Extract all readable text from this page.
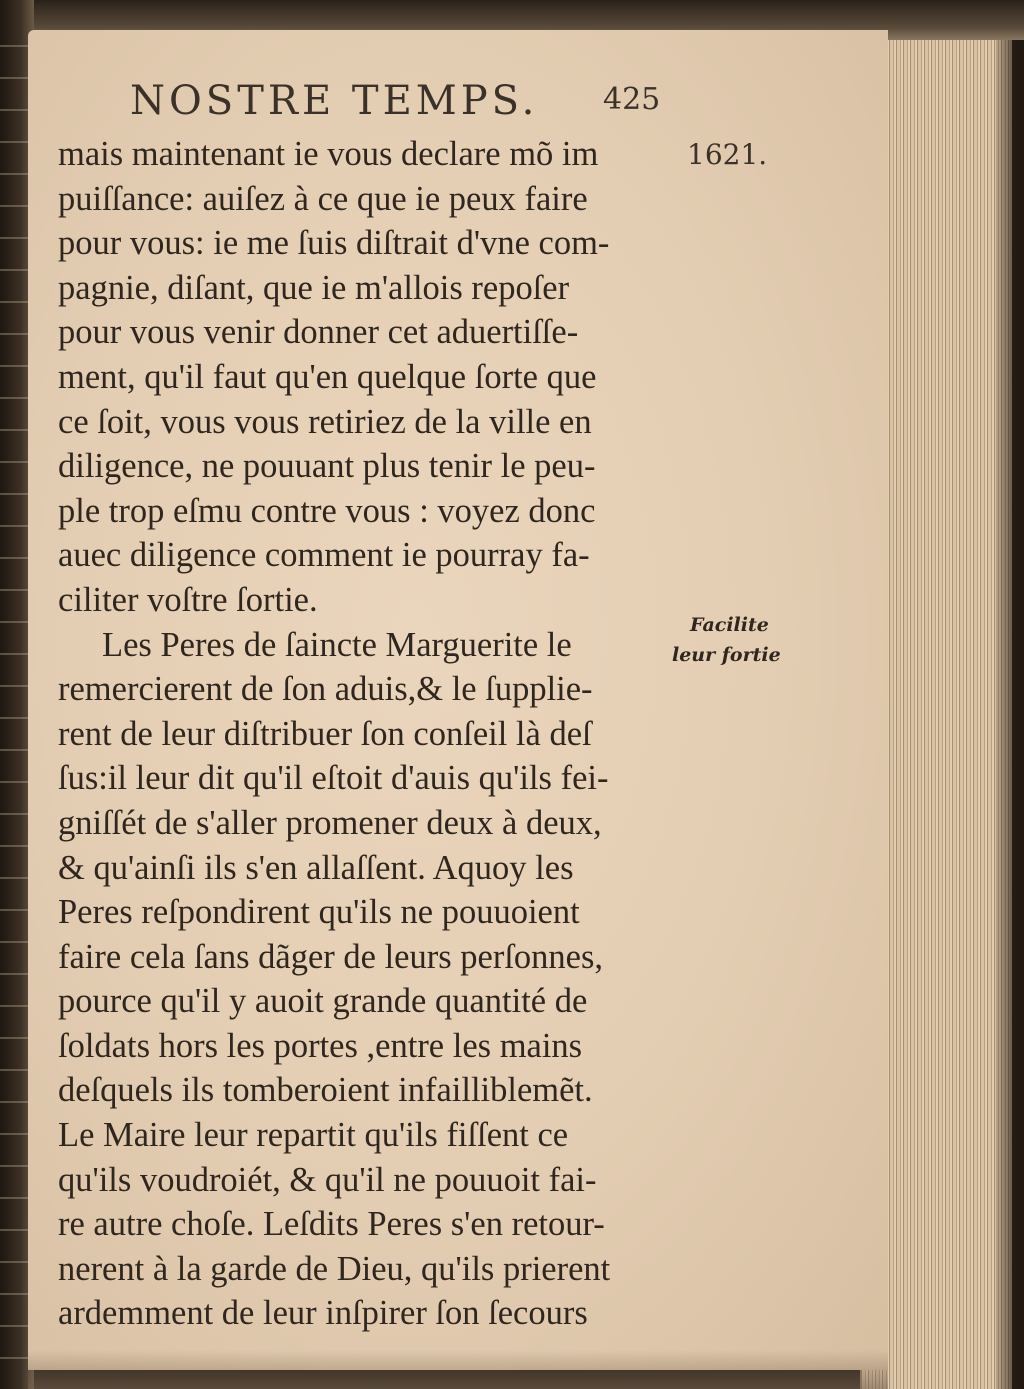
NOSTRE TEMPS. 425
1621.
mais maintenant ie vous declare mõ im
puiſſance: auiſez à ce que ie peux faire
pour vous: ie me ſuis diſtrait d'vne com-
pagnie, diſant, que ie m'allois repoſer
pour vous venir donner cet aduertiſſe-
ment, qu'il faut qu'en quelque ſorte que
ce ſoit, vous vous retiriez de la ville en
diligence, ne pouuant plus tenir le peu-
ple trop eſmu contre vous : voyez donc
auec diligence comment ie pourray fa-
ciliter voſtre ſortie.
Les Peres de ſaincte Marguerite le
remercierent de ſon aduis,& le ſupplie-
rent de leur diſtribuer ſon conſeil là deſ
ſus:il leur dit qu'il eſtoit d'auis qu'ils fei-
gniſſét de s'aller promener deux à deux,
& qu'ainſi ils s'en allaſſent. Aquoy les
Peres reſpondirent qu'ils ne pouuoient
faire cela ſans dãger de leurs perſonnes,
pource qu'il y auoit grande quantité de
ſoldats hors les portes ,entre les mains
deſquels ils tomberoient infailliblemẽt.
Le Maire leur repartit qu'ils fiſſent ce
qu'ils voudroiét, & qu'il ne pouuoit fai-
re autre choſe. Leſdits Peres s'en retour-
nerent à la garde de Dieu, qu'ils prierent
ardemment de leur inſpirer ſon ſecours
Facilite
leur fortie
